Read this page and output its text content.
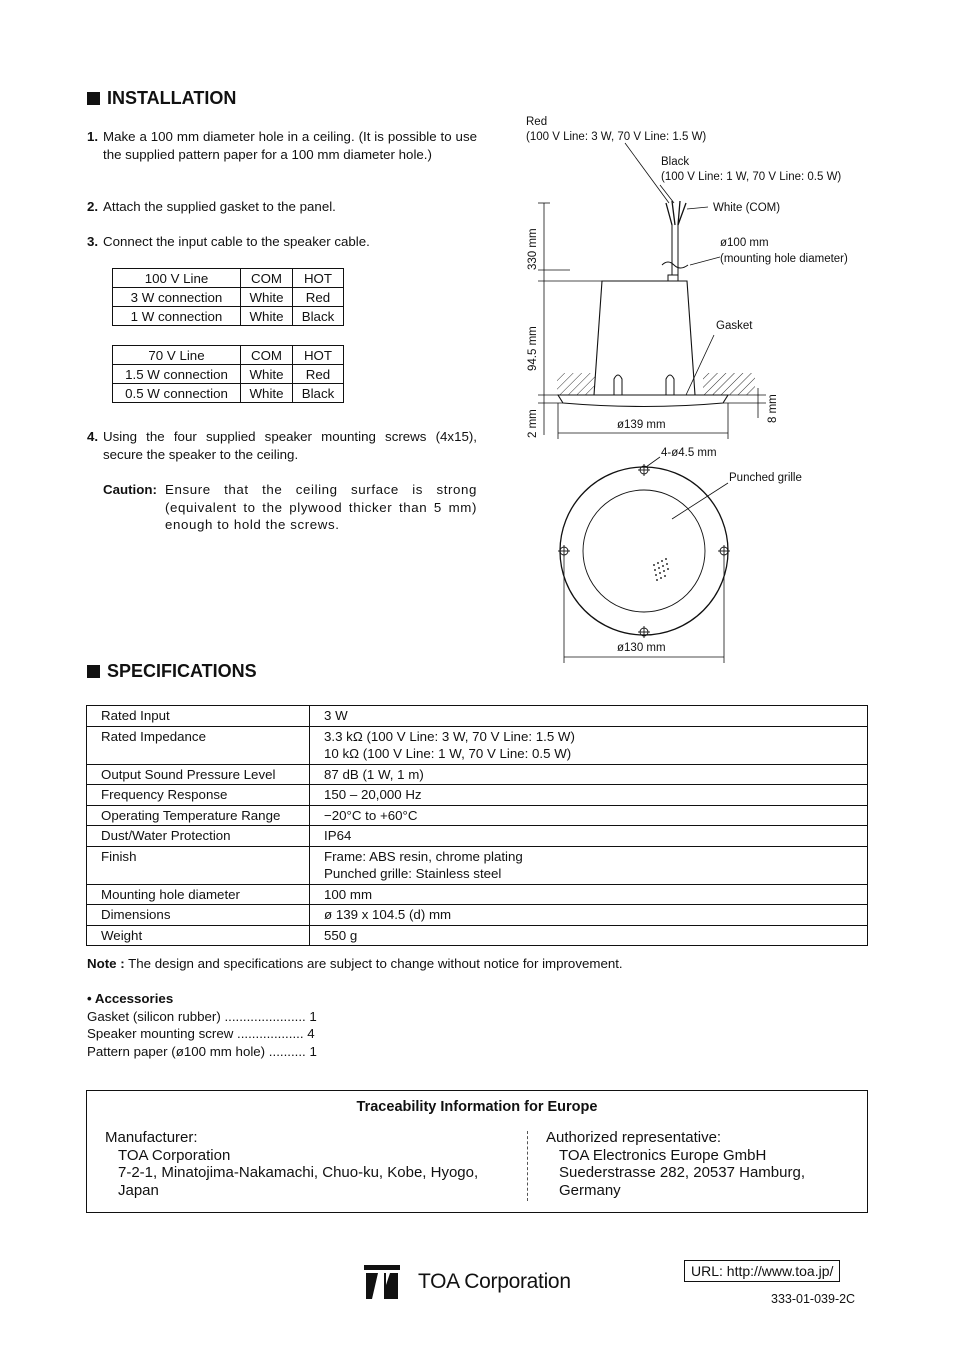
INSTALLATION
1. Make a 100 mm diameter hole in a ceiling. (It is possible to use the supplied pattern paper for a 100 mm diameter hole.)
2. Attach the supplied gasket to the panel.
3. Connect the input cable to the speaker cable.
100 V Line	COM	HOT
3 W connection	White	Red
1 W connection	White	Black
70 V Line	COM	HOT
1.5 W connection	White	Red
0.5 W connection	White	Black
4. Using the four supplied speaker mounting screws (4x15), secure the speaker to the ceiling.
Caution: Ensure that the ceiling surface is strong (equivalent to the plywood thicker than 5 mm) enough to hold the screws.
Red
(100 V Line: 3 W, 70 V Line: 1.5 W)
Black
(100 V Line: 1 W, 70 V Line: 0.5 W)
White (COM)
ø100 mm
(mounting hole diameter)
Gasket
330 mm
94.5 mm
2 mm
8 mm
ø139 mm
4-ø4.5 mm
Punched grille
ø130 mm
SPECIFICATIONS
Rated Input	3 W
Rated Impedance	3.3 kΩ (100 V Line: 3 W, 70 V Line: 1.5 W)
10 kΩ (100 V Line: 1 W, 70 V Line: 0.5 W)

Output Sound Pressure Level	87 dB (1 W, 1 m)
Frequency Response	150 – 20,000 Hz
Operating Temperature Range	−20°C to +60°C
Dust/Water Protection	IP64
Finish	Frame: ABS resin, chrome plating
Punched grille: Stainless steel

Mounting hole diameter	100 mm
Dimensions	ø 139 x 104.5 (d) mm
Weight	550 g
Note : The design and specifications are subject to change without notice for improvement.
• Accessories
Gasket (silicon rubber) ...................... 1
Speaker mounting screw .................. 4
Pattern paper (ø100 mm hole) .......... 1
Traceability Information for Europe
Manufacturer:
TOA Corporation
7-2-1, Minatojima-Nakamachi, Chuo-ku, Kobe, Hyogo,
Japan
Authorized representative:
TOA Electronics Europe GmbH
Suederstrasse 282, 20537 Hamburg,
Germany
TOA Corporation	URL: http://www.toa.jp/
333-01-039-2C
